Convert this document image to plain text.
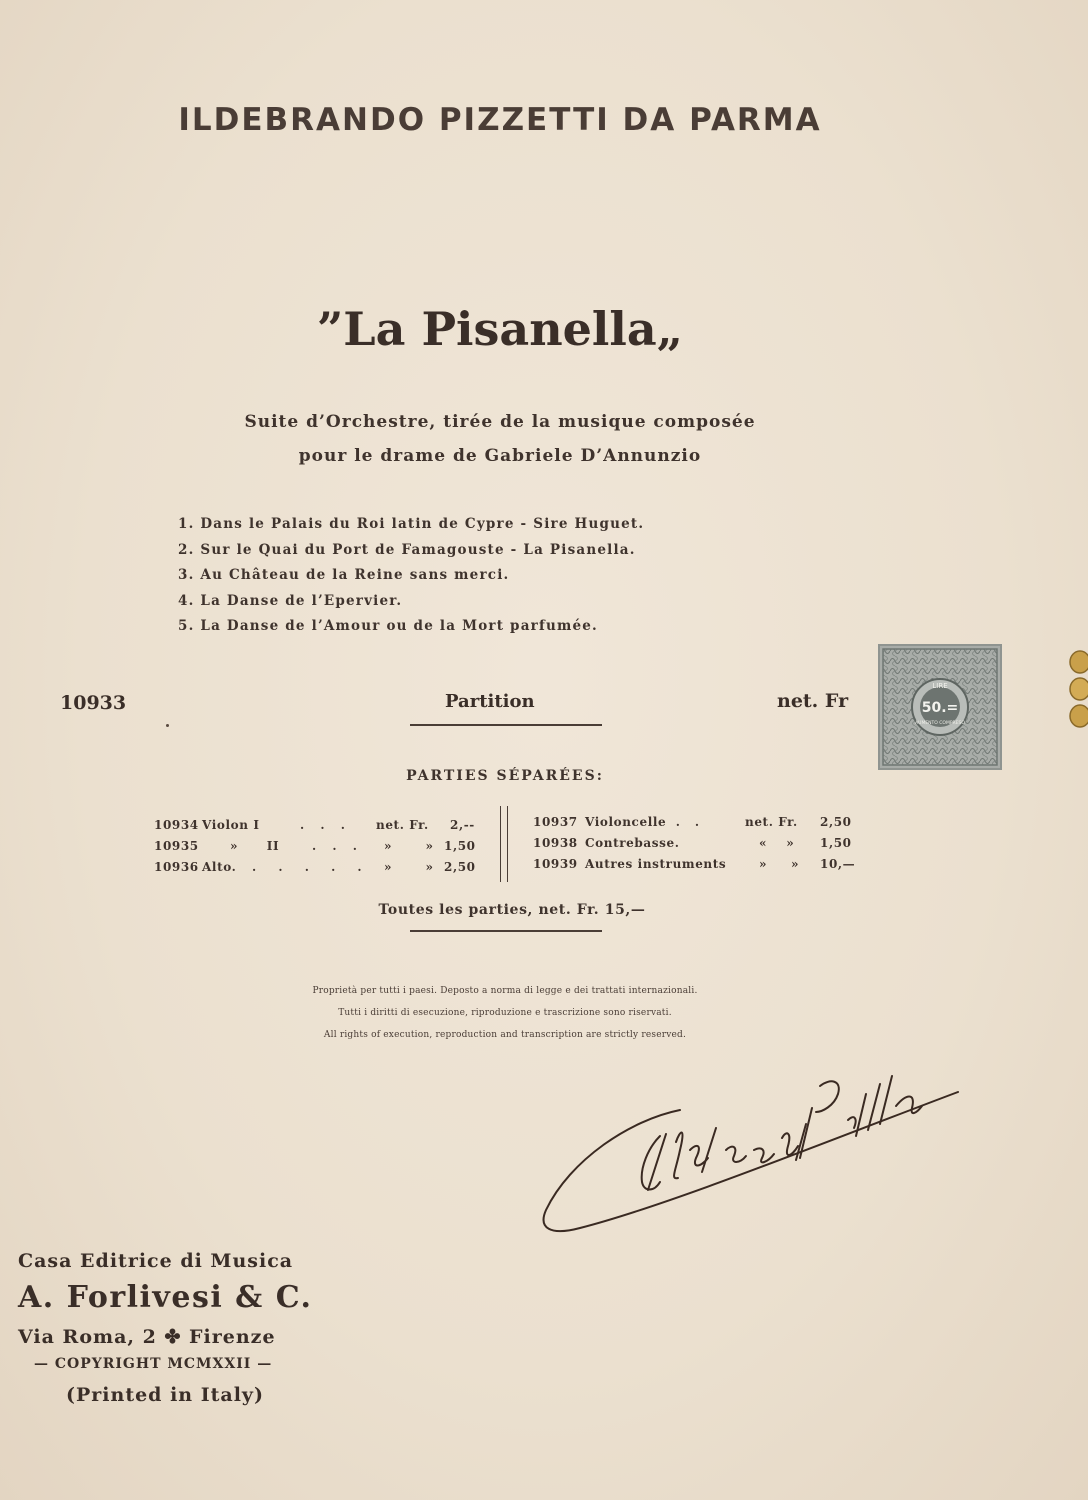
ILDEBRANDO PIZZETTI DA PARMA
”La Pisanella„
Suite d’Orchestre, tirée de la musique composée
pour le drame de Gabriele D’Annunzio
1. Dans le Palais du Roi latin de Cypre - Sire Huguet.
2. Sur le Quai du Port de Famagouste - La Pisanella.
3. Au Château de la Reine sans merci.
4. La Danse de l’Epervier.
5. La Danse de l’Amour ou de la Mort parfumée.
LIRE
50.=
AUMENTO COMPRESO
10933	Partition	net. Fr
PARTIES SÉPARÉES:
10934 Violon I	. . . net. Fr. 2,--
10935	»      II	. . . »       » 1,50
10936 Alto. . . . . . »       » 2,50
10937 Violoncelle  .   .	net. Fr. 2,50
10938 Contrebasse.	«    » 1,50
10939 Autres instruments	»     » 10,—
Toutes les parties, net. Fr. 15,—
Proprietà per tutti i paesi. Deposto a norma di legge e dei trattati internazionali.
Tutti i diritti di esecuzione, riproduzione e trascrizione sono riservati.
All rights of execution, reproduction and transcription are strictly reserved.
Casa Editrice di Musica
A. Forlivesi & C.
Via Roma, 2 ✤ Firenze
— COPYRIGHT MCMXXII —
(Printed in Italy)
